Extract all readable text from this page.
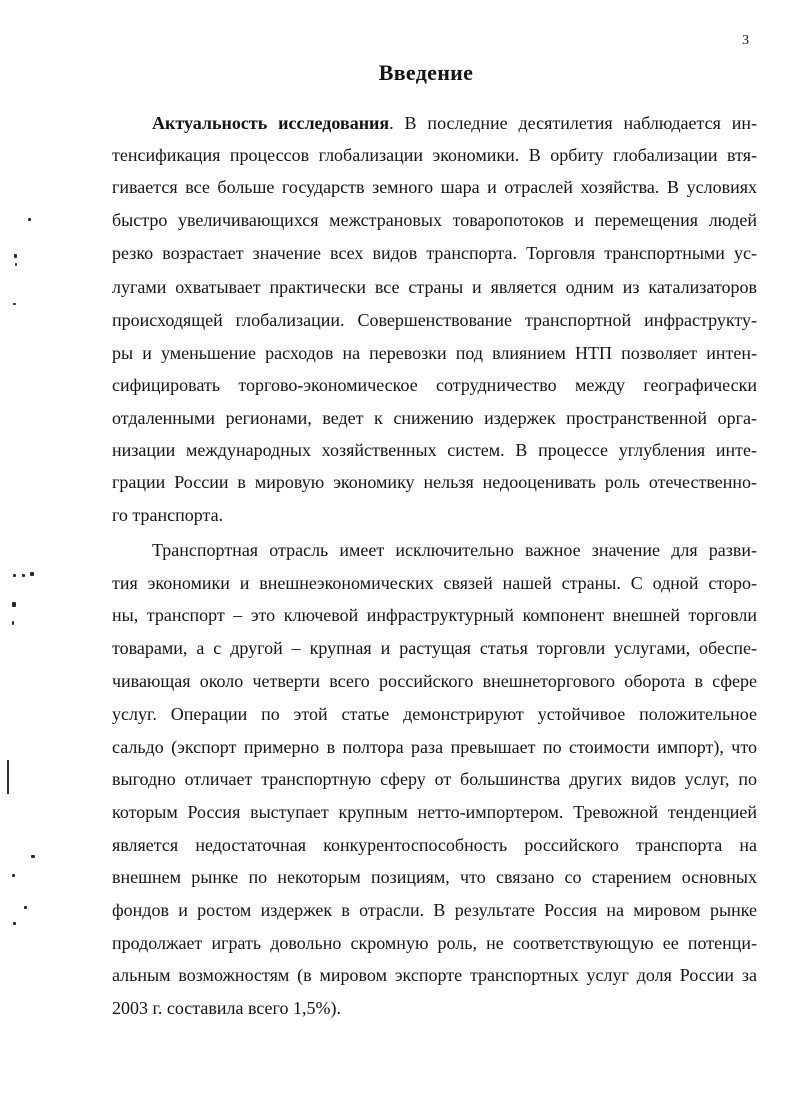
3
Введение
Актуальность исследования. В последние десятилетия наблюдается ин-
тенсификация процессов глобализации экономики. В орбиту глобализации втя-
гивается все больше государств земного шара и отраслей хозяйства. В условиях
быстро увеличивающихся межстрановых товаропотоков и перемещения людей
резко возрастает значение всех видов транспорта. Торговля транспортными ус-
лугами охватывает практически все страны и является одним из катализаторов
происходящей глобализации. Совершенствование транспортной инфраструкту-
ры и уменьшение расходов на перевозки под влиянием НТП позволяет интен-
сифицировать торгово-экономическое сотрудничество между географически
отдаленными регионами, ведет к снижению издержек пространственной орга-
низации международных хозяйственных систем. В процессе углубления инте-
грации России в мировую экономику нельзя недооценивать роль отечественно-
го транспорта.
Транспортная отрасль имеет исключительно важное значение для разви-
тия экономики и внешнеэкономических связей нашей страны. С одной сторо-
ны, транспорт – это ключевой инфраструктурный компонент внешней торговли
товарами, а с другой – крупная и растущая статья торговли услугами, обеспе-
чивающая около четверти всего российского внешнеторгового оборота в сфере
услуг. Операции по этой статье демонстрируют устойчивое положительное
сальдо (экспорт примерно в полтора раза превышает по стоимости импорт), что
выгодно отличает транспортную сферу от большинства других видов услуг, по
которым Россия выступает крупным нетто-импортером. Тревожной тенденцией
является недостаточная конкурентоспособность российского транспорта на
внешнем рынке по некоторым позициям, что связано со старением основных
фондов и ростом издержек в отрасли. В результате Россия на мировом рынке
продолжает играть довольно скромную роль, не соответствующую ее потенци-
альным возможностям (в мировом экспорте транспортных услуг доля России за
2003 г. составила всего 1,5%).
